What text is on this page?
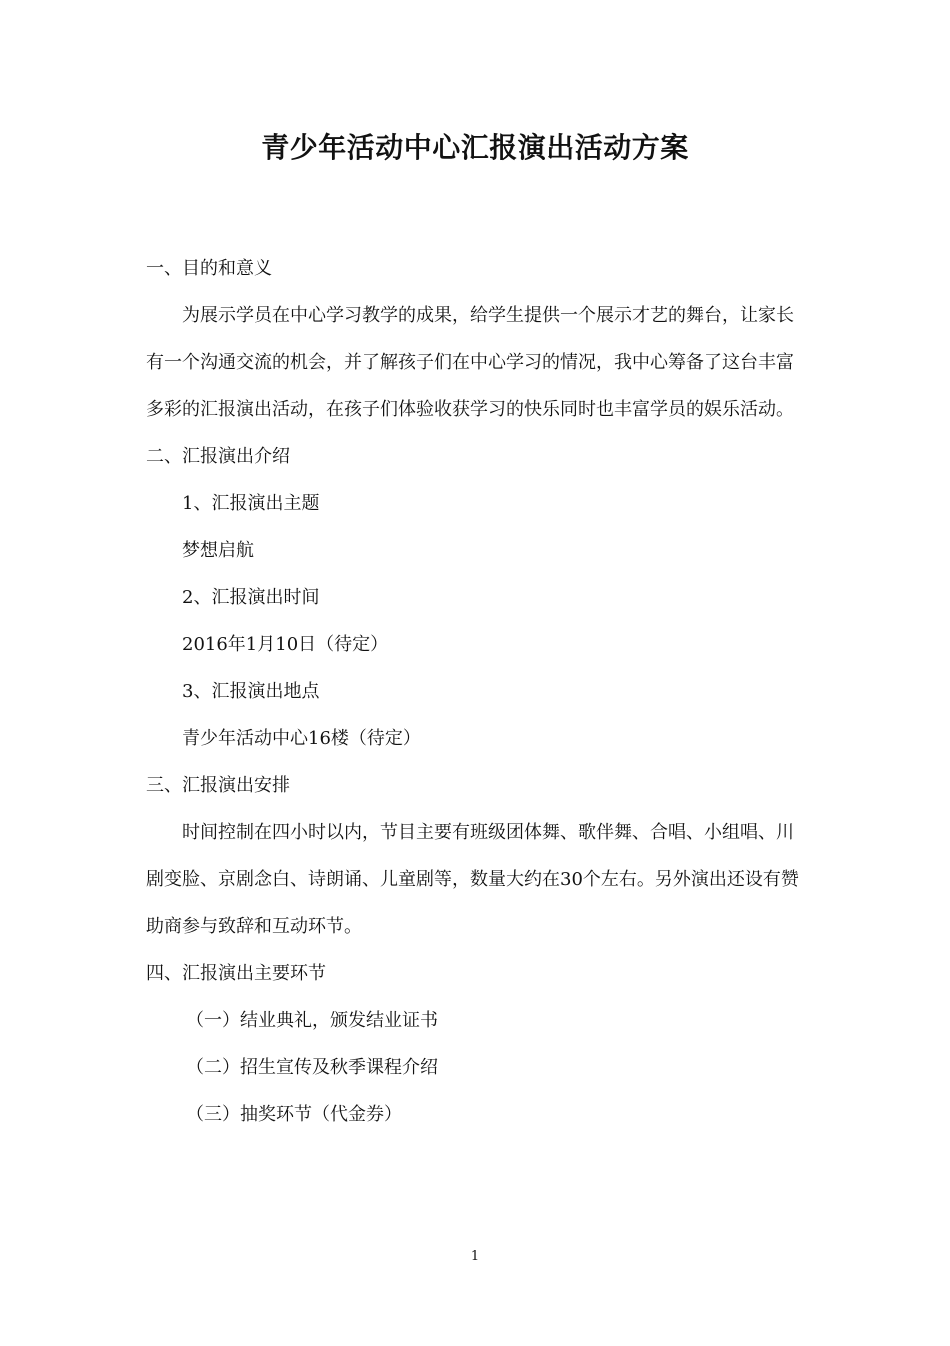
青少年活动中心汇报演出活动方案

一、目的和意义

为展示学员在中心学习教学的成果，给学生提供一个展示才艺的舞台，让家长有一个沟通交流的机会，并了解孩子们在中心学习的情况，我中心筹备了这台丰富多彩的汇报演出活动，在孩子们体验收获学习的快乐同时也丰富学员的娱乐活动。

二、汇报演出介绍

1、汇报演出主题

梦想启航

2、汇报演出时间

2016年1月10日（待定）

3、汇报演出地点

青少年活动中心16楼（待定）

三、汇报演出安排

时间控制在四小时以内，节目主要有班级团体舞、歌伴舞、合唱、小组唱、川剧变脸、京剧念白、诗朗诵、儿童剧等，数量大约在30个左右。另外演出还设有赞助商参与致辞和互动环节。

四、汇报演出主要环节

（一）结业典礼，颁发结业证书

（二）招生宣传及秋季课程介绍

（三）抽奖环节（代金券）

1
